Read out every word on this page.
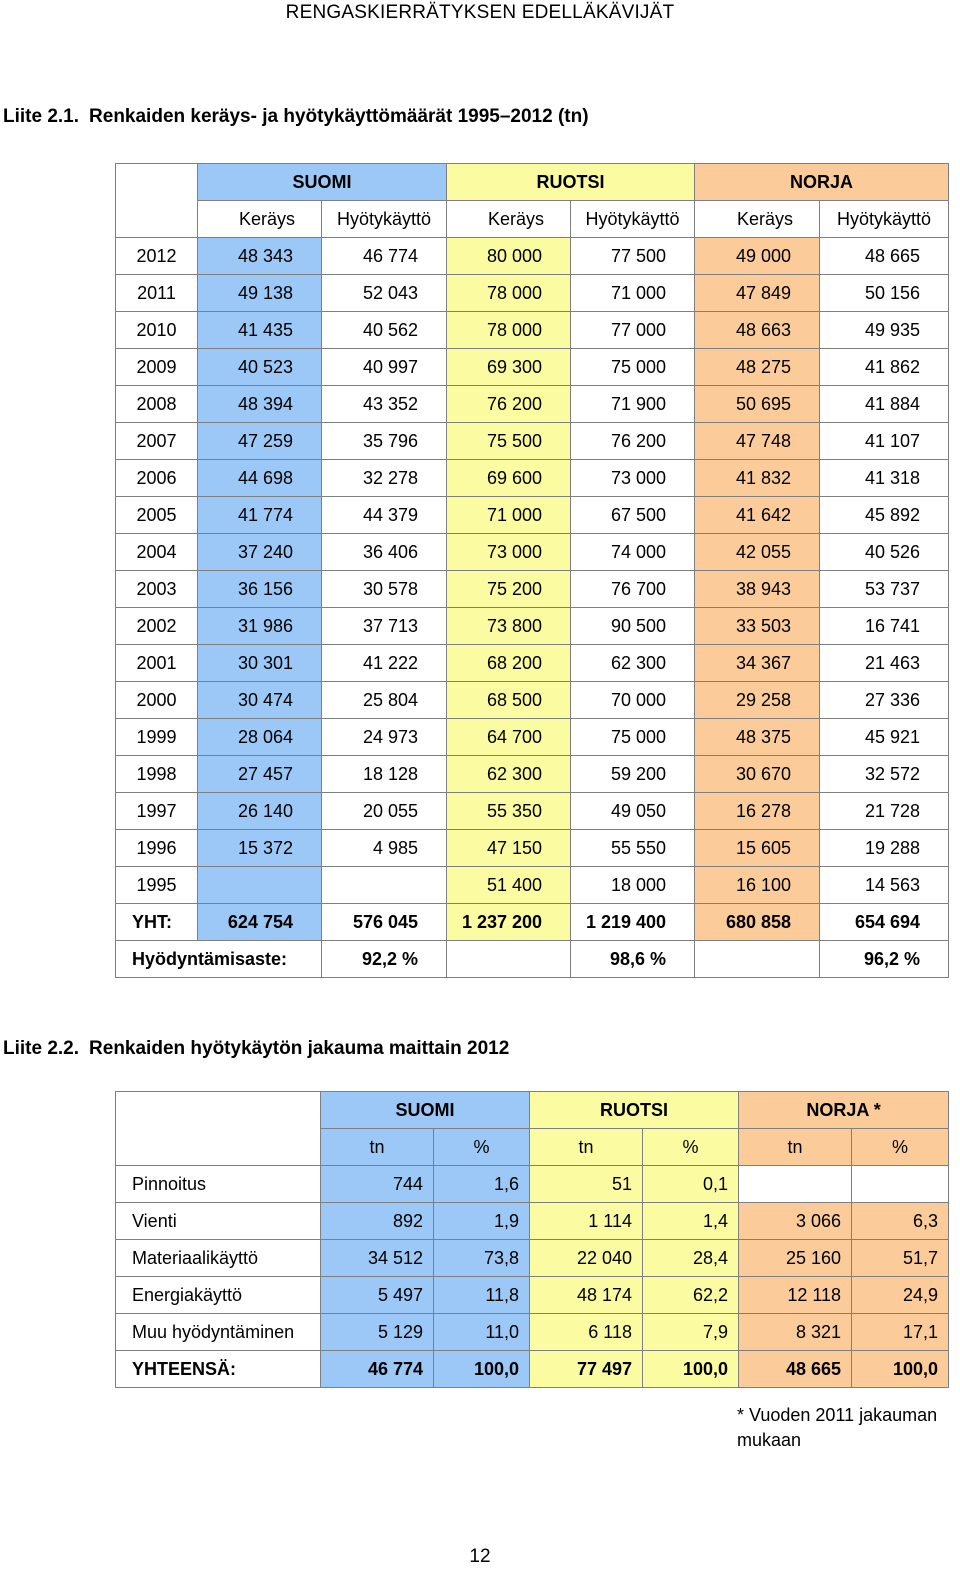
RENGASKIERRÄTYKSEN EDELLÄKÄVIJÄT
Liite 2.1. Renkaiden keräys- ja hyötykäyttömäärät 1995–2012 (tn)
	SUOMI		RUOTSI		NORJA	
	Keräys	Hyötykäyttö	Keräys	Hyötykäyttö	Keräys	Hyötykäyttö
2012	48 343	46 774	80 000	77 500	49 000	48 665
2011	49 138	52 043	78 000	71 000	47 849	50 156
2010	41 435	40 562	78 000	77 000	48 663	49 935
2009	40 523	40 997	69 300	75 000	48 275	41 862
2008	48 394	43 352	76 200	71 900	50 695	41 884
2007	47 259	35 796	75 500	76 200	47 748	41 107
2006	44 698	32 278	69 600	73 000	41 832	41 318
2005	41 774	44 379	71 000	67 500	41 642	45 892
2004	37 240	36 406	73 000	74 000	42 055	40 526
2003	36 156	30 578	75 200	76 700	38 943	53 737
2002	31 986	37 713	73 800	90 500	33 503	16 741
2001	30 301	41 222	68 200	62 300	34 367	21 463
2000	30 474	25 804	68 500	70 000	29 258	27 336
1999	28 064	24 973	64 700	75 000	48 375	45 921
1998	27 457	18 128	62 300	59 200	30 670	32 572
1997	26 140	20 055	55 350	49 050	16 278	21 728
1996	15 372	4 985	47 150	55 550	15 605	19 288
1995			51 400	18 000	16 100	14 563
YHT:	624 754	576 045	1 237 200	1 219 400	680 858	654 694
Hyödyntämisaste:		92,2 %		98,6 %		96,2 %
Liite 2.2. Renkaiden hyötykäytön jakauma maittain 2012
	SUOMI		RUOTSI		NORJA *	
	tn	%	tn	%	tn	%
Pinnoitus	744	1,6	51	0,1		
Vienti	892	1,9	1 114	1,4	3 066	6,3
Materiaalikäyttö	34 512	73,8	22 040	28,4	25 160	51,7
Energiakäyttö	5 497	11,8	48 174	62,2	12 118	24,9
Muu hyödyntäminen	5 129	11,0	6 118	7,9	8 321	17,1
YHTEENSÄ:	46 774	100,0	77 497	100,0	48 665	100,0
* Vuoden 2011 jakauman mukaan
12
